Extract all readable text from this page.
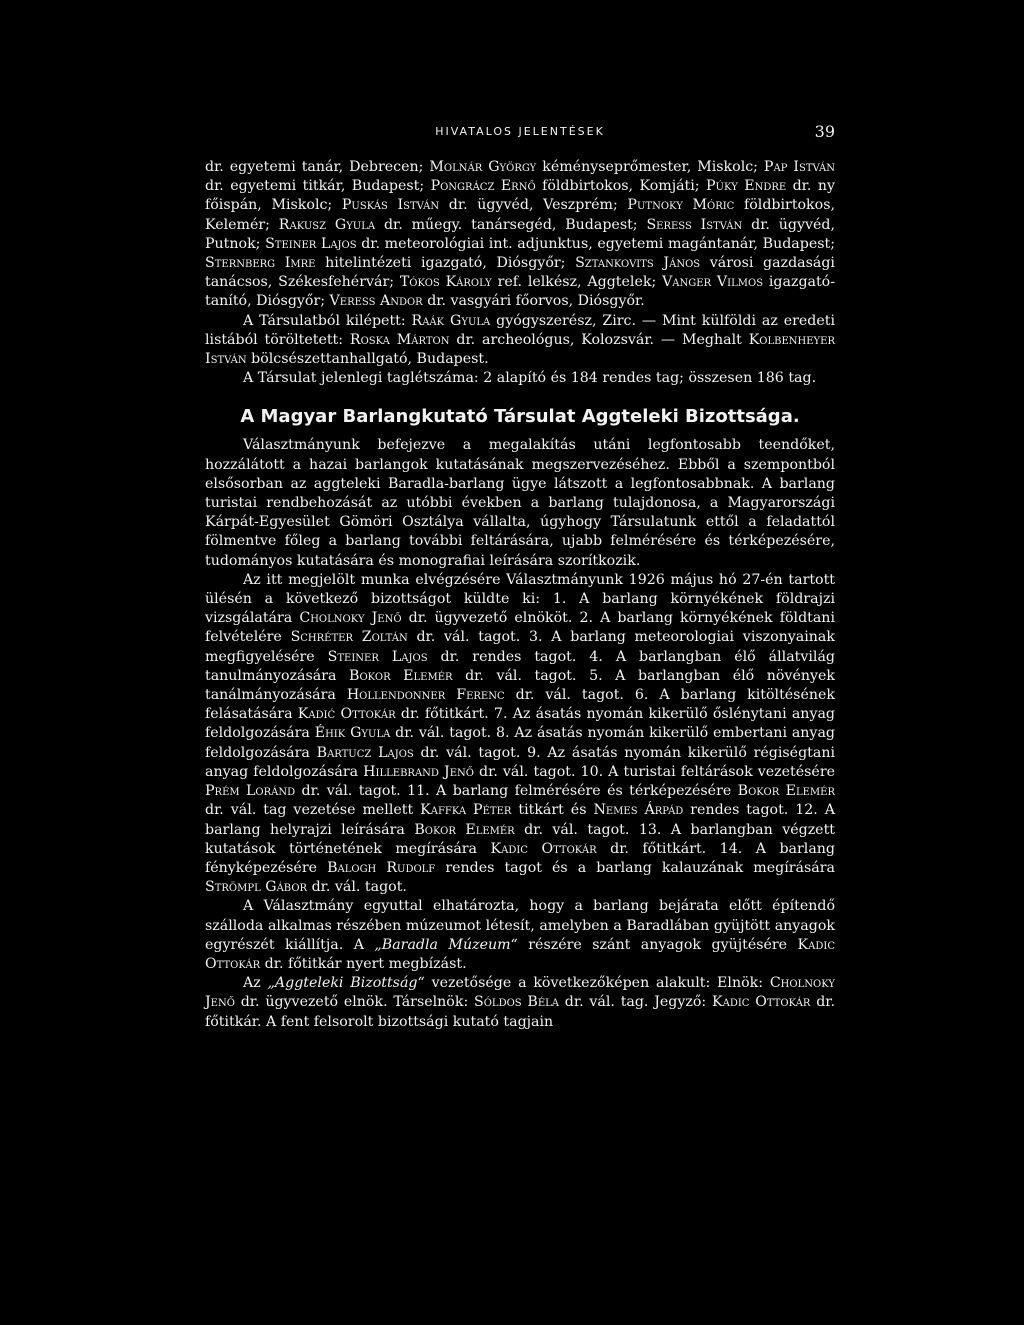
HIVATALOS JELENTÉSEK	39

dr. egyetemi tanár, Debrecen; Molnár György kéményseprőmester, Miskolc; Pap István dr. egyetemi titkár, Budapest; Pongrácz Ernő földbirtokos, Komjáti; Púky Endre dr. ny főispán, Miskolc; Puskás István dr. ügyvéd, Veszprém; Putnoky Móric földbirtokos, Kelemér; Rakusz Gyula dr. műegy. tanársegéd, Budapest; Seress István dr. ügyvéd, Putnok; Steiner Lajos dr. meteorológiai int. adjunktus, egyetemi magántanár, Budapest; Sternberg Imre hitelintézeti igazgató, Diósgyőr; Sztankovits János városi gazdasági tanácsos, Székesfehérvár; Tókos Károly ref. lelkész, Aggtelek; Vanger Vilmos igazgató-tanító, Diósgyőr; Veress Andor dr. vasgyári főorvos, Diósgyőr.

A Társulatból kilépett: Raák Gyula gyógyszerész, Zirc. — Mint külföldi az eredeti listából töröltetett: Roska Márton dr. archeológus, Kolozsvár. — Meghalt Kolbenheyer István bölcsészettanhallgató, Budapest.

A Társulat jelenlegi taglétszáma: 2 alapító és 184 rendes tag; összesen 186 tag.

A Magyar Barlangkutató Társulat Aggteleki Bizottsága.

Választmányunk befejezve a megalakítás utáni legfontosabb teendőket, hozzálátott a hazai barlangok kutatásának megszervezéséhez. Ebből a szempontból elsősorban az aggteleki Baradla-barlang ügye látszott a legfontosabbnak. A barlang turistai rendbehozását az utóbbi években a barlang tulajdonosa, a Magyarországi Kárpát-Egyesület Gömöri Osztálya vállalta, úgyhogy Társulatunk ettől a feladattól fölmentve főleg a barlang további feltárására, ujabb felmérésére és térképezésére, tudományos kutatására és monografiai leírására szorítkozik.

Az itt megjelölt munka elvégzésére Választmányunk 1926 május hó 27-én tartott ülésén a következő bizottságot küldte ki: 1. A barlang környékének földrajzi vizsgálatára Cholnoky Jenő dr. ügyvezető elnököt. 2. A barlang környékének földtani felvételére Schréter Zoltán dr. vál. tagot. 3. A barlang meteorologiai viszonyainak megfigyelésére Steiner Lajos dr. rendes tagot. 4. A barlangban élő állatvilág tanulmányozására Bokor Elemér dr. vál. tagot. 5. A barlangban élő növények tanálmányozására Hollendonner Ferenc dr. vál. tagot. 6. A barlang kitöltésének felásatására Kadić Ottokár dr. főtitkárt. 7. Az ásatás nyomán kikerülő őslénytani anyag feldolgozására Éhik Gyula dr. vál. tagot. 8. Az ásatás nyomán kikerülő embertani anyag feldolgozására Bartucz Lajos dr. vál. tagot. 9. Az ásatás nyomán kikerülő régiségtani anyag feldolgozására Hillebrand Jenő dr. vál. tagot. 10. A turistai feltárások vezetésére Prém Loránd dr. vál. tagot. 11. A barlang felmérésére és térképezésére Bokor Elemér dr. vál. tag vezetése mellett Kaffka Péter titkárt és Nemes Árpád rendes tagot. 12. A barlang helyrajzi leírására Bokor Elemér dr. vál. tagot. 13. A barlangban végzett kutatások történetének megírására Kadic Ottokár dr. főtitkárt. 14. A barlang fényképezésére Balogh Rudolf rendes tagot és a barlang kalauzának megírására Strömpl Gábor dr. vál. tagot.

A Választmány egyuttal elhatározta, hogy a barlang bejárata előtt építendő szálloda alkalmas részében múzeumot létesít, amelyben a Baradlában gyüjtött anyagok egyrészét kiállítja. A „Baradla Múzeum“ részére szánt anyagok gyüjtésére Kadic Ottokár dr. főtitkár nyert megbízást.

Az „Aggteleki Bizottság“ vezetősége a következőképen alakult: Elnök: Cholnoky Jenő dr. ügyvezető elnök. Társelnök: Sóldos Béla dr. vál. tag. Jegyző: Kadic Ottokár dr. főtitkár. A fent felsorolt bizottsági kutató tagjain
